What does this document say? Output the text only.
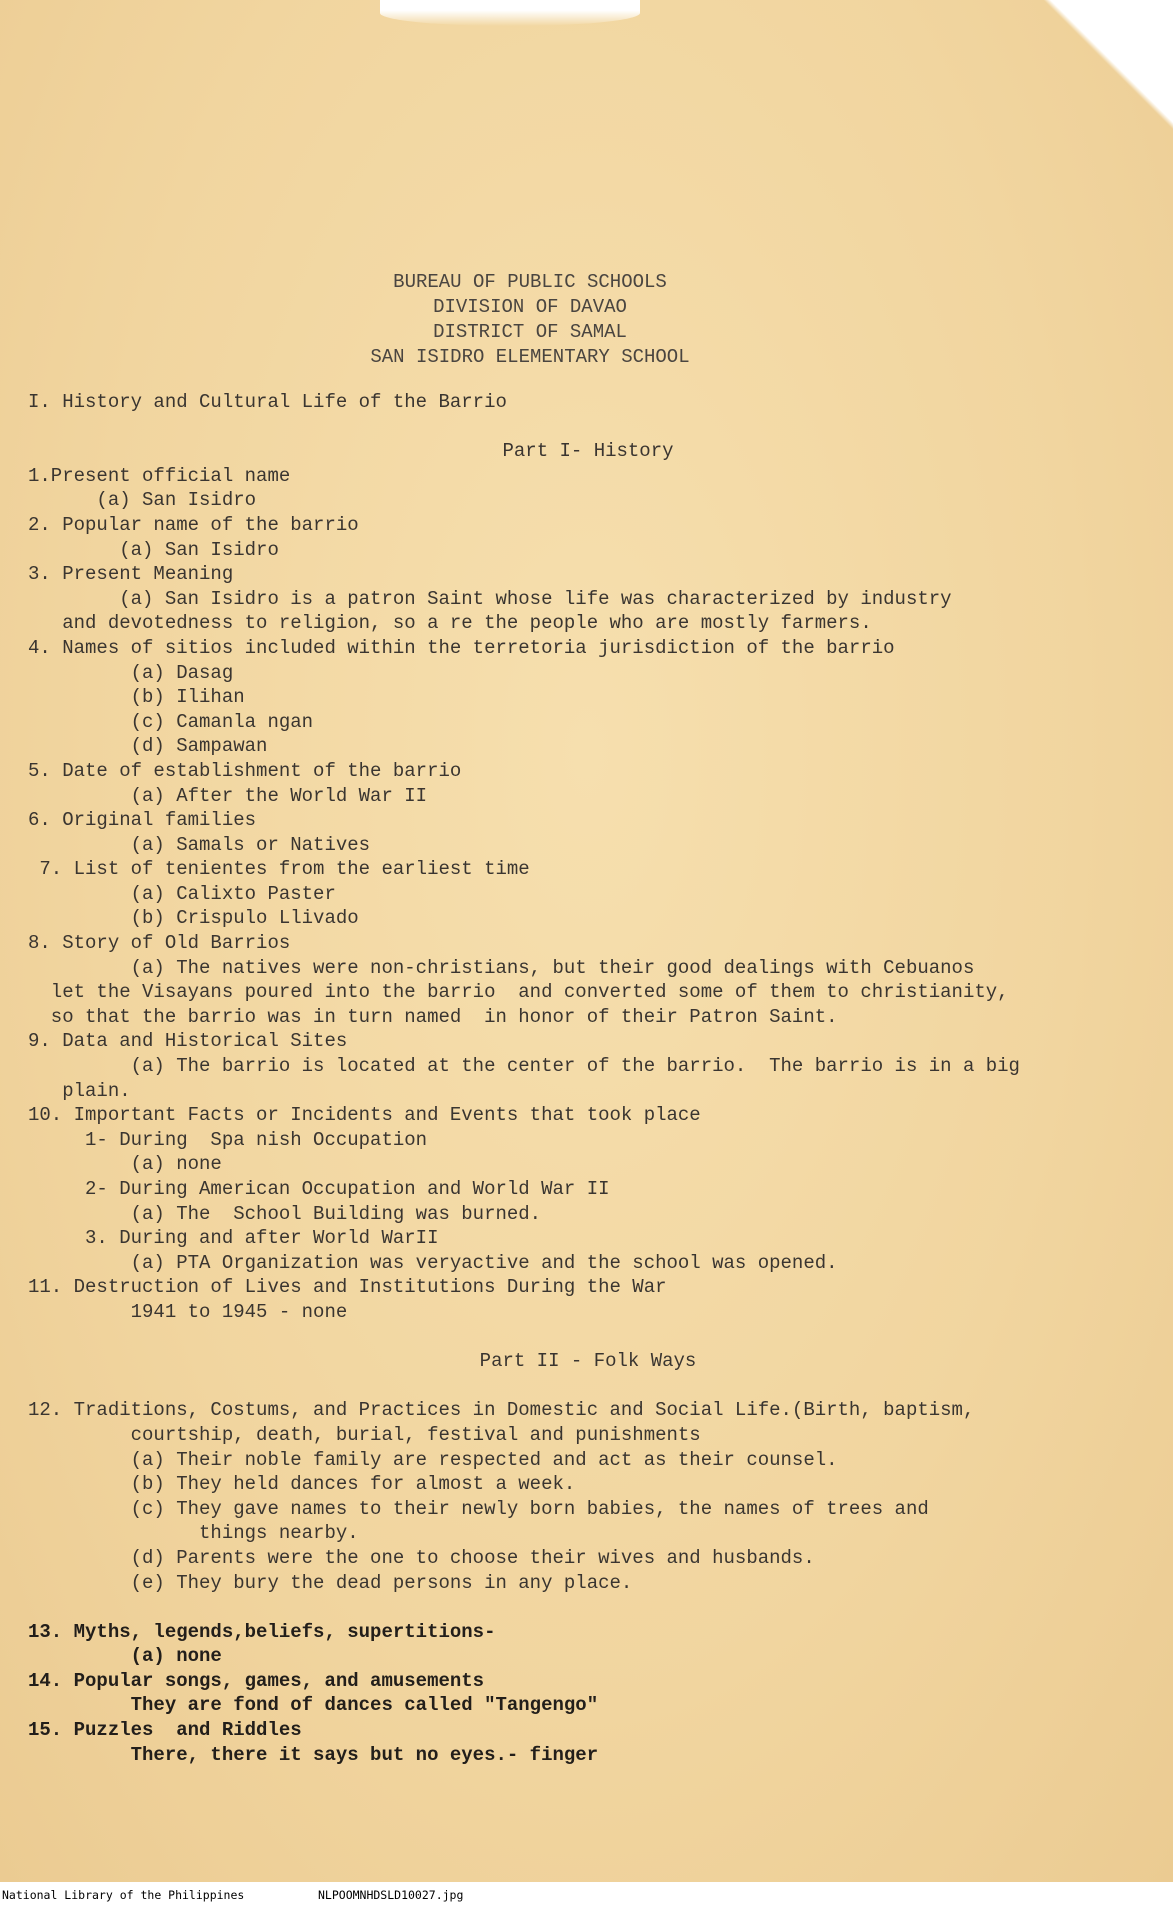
BUREAU OF PUBLIC SCHOOLS
DIVISION OF DAVAO
DISTRICT OF SAMAL
SAN ISIDRO ELEMENTARY SCHOOL
I. History and Cultural Life of the Barrio
Part I- History
1.Present official name
(a) San Isidro
2. Popular name of the barrio
(a) San Isidro
3. Present Meaning
(a) San Isidro is a patron Saint whose life was characterized by industry
and devotedness to religion, so a re the people who are mostly farmers.
4. Names of sitios included within the terretoria jurisdiction of the barrio
(a) Dasag
(b) Ilihan
(c) Camanla ngan
(d) Sampawan
5. Date of establishment of the barrio
(a) After the World War II
6. Original families
(a) Samals or Natives
7. List of tenientes from the earliest time
(a) Calixto Paster
(b) Crispulo Llivado
8. Story of Old Barrios
(a) The natives were non-christians, but their good dealings with Cebuanos
let the Visayans poured into the barrio  and converted some of them to christianity,
so that the barrio was in turn named  in honor of their Patron Saint.
9. Data and Historical Sites
(a) The barrio is located at the center of the barrio.  The barrio is in a big
plain.
10. Important Facts or Incidents and Events that took place
1- During  Spa nish Occupation
(a) none
2- During American Occupation and World War II
(a) The  School Building was burned.
3. During and after World WarII
(a) PTA Organization was veryactive and the school was opened.
11. Destruction of Lives and Institutions During the War
1941 to 1945 - none
Part II - Folk Ways
12. Traditions, Costums, and Practices in Domestic and Social Life.(Birth, baptism,
courtship, death, burial, festival and punishments
(a) Their noble family are respected and act as their counsel.
(b) They held dances for almost a week.
(c) They gave names to their newly born babies, the names of trees and
things nearby.
(d) Parents were the one to choose their wives and husbands.
(e) They bury the dead persons in any place.
13. Myths, legends,beliefs, supertitions-
(a) none
14. Popular songs, games, and amusements
They are fond of dances called "Tangengo"
15. Puzzles  and Riddles
There, there it says but no eyes.- finger
National Library of the Philippines	NLPOOMNHDSLD10027.jpg
